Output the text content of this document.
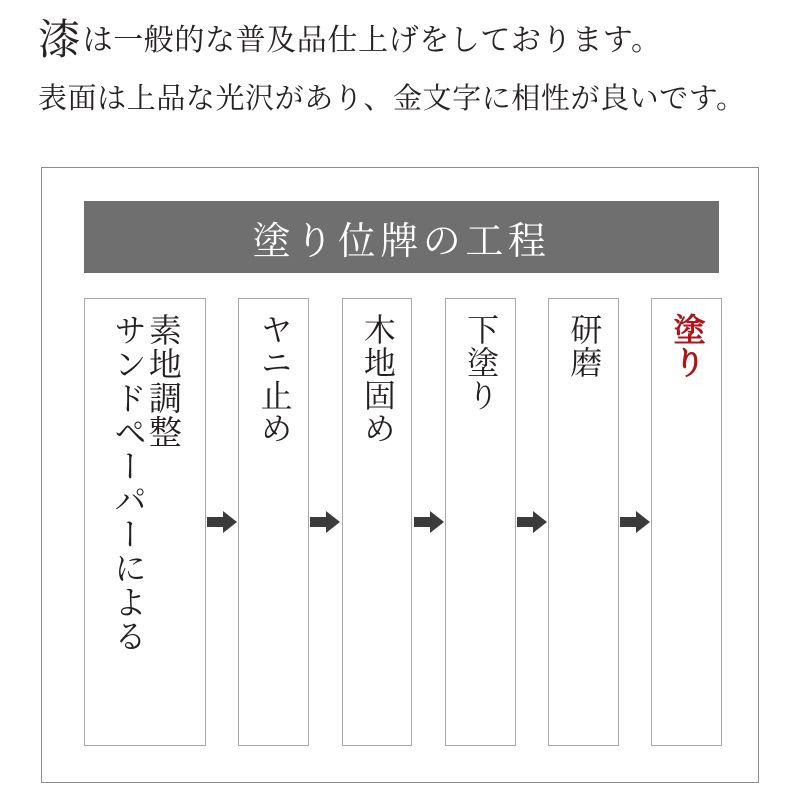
漆は一般的な普及品仕上げをしております。
表面は上品な光沢があり、金文字に相性が良いです。
塗り位牌の工程
素地調整
サンドペーパーによる	ヤニ止め 木地固め 下塗り 研磨 塗り
